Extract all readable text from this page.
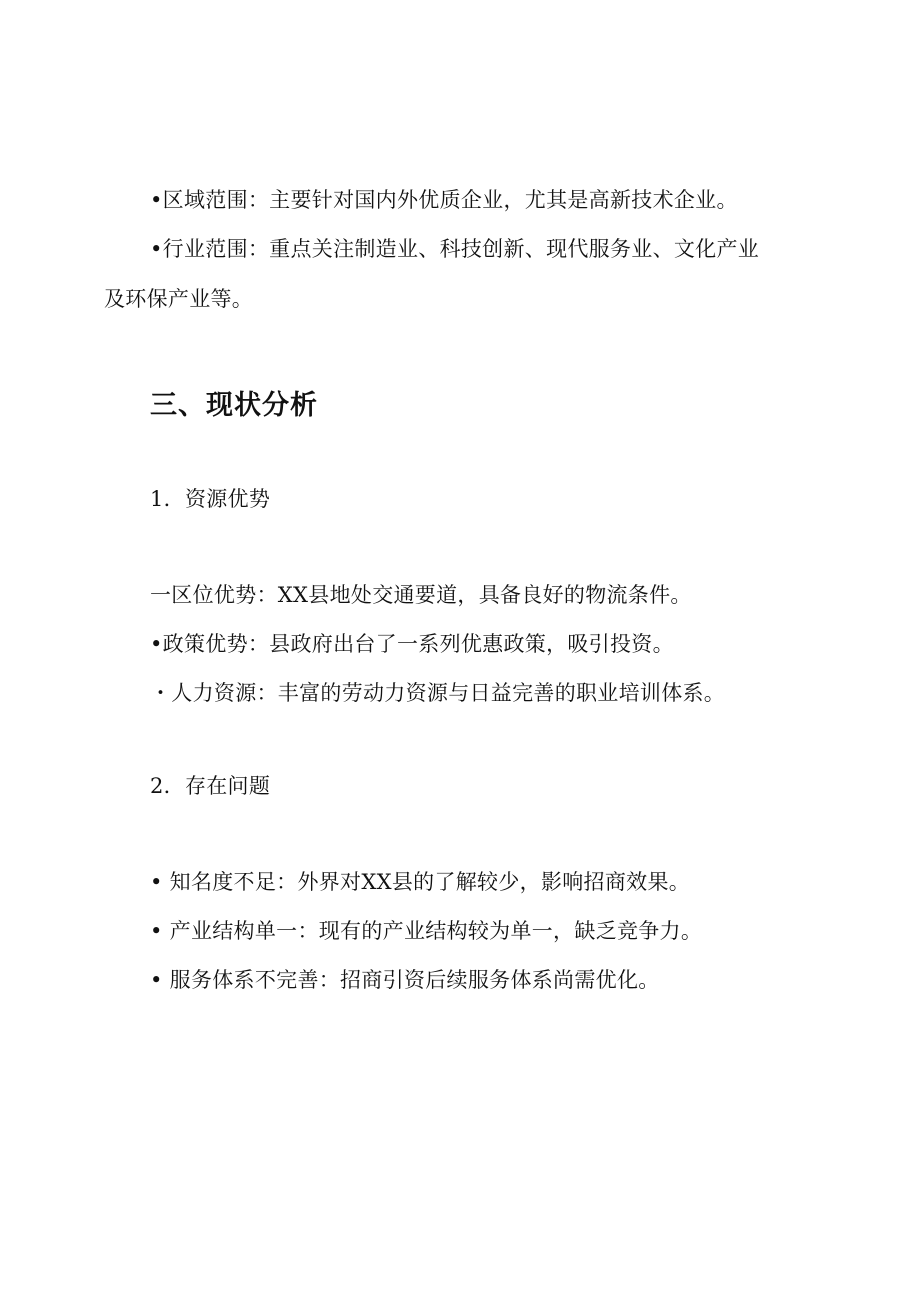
•区域范围：主要针对国内外优质企业，尤其是高新技术企业。
•行业范围：重点关注制造业、科技创新、现代服务业、文化产业
及环保产业等。
三、现状分析
1．资源优势
一区位优势：XX县地处交通要道，具备良好的物流条件。
•政策优势：县政府出台了一系列优惠政策，吸引投资。
・人力资源：丰富的劳动力资源与日益完善的职业培训体系。
2．存在问题
• 知名度不足：外界对XX县的了解较少，影响招商效果。
• 产业结构单一：现有的产业结构较为单一，缺乏竞争力。
• 服务体系不完善：招商引资后续服务体系尚需优化。
